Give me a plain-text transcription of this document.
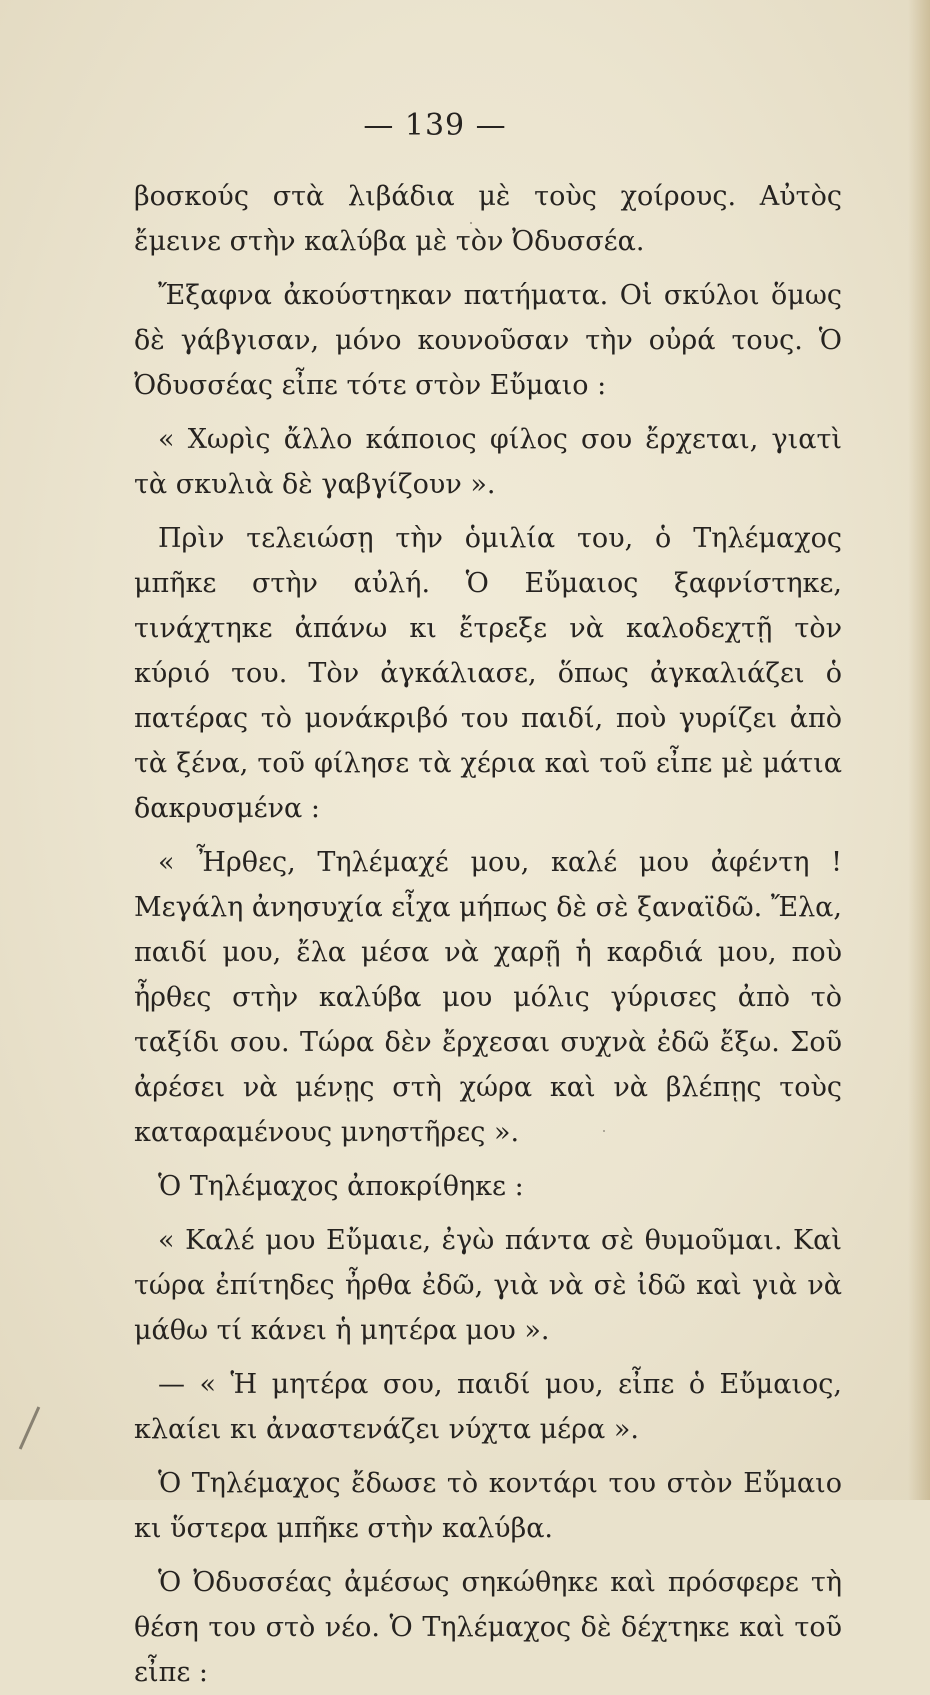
— 139 —

βοσκούς στὰ λιβάδια μὲ τοὺς χοίρους. Αὐτὸς ἔμεινε στὴν καλύβα μὲ τὸν Ὀδυσσέα.

Ἔξαφνα ἀκούστηκαν πατήματα. Οἱ σκύλοι ὅμως δὲ γάβγισαν, μόνο κουνοῦσαν τὴν οὐρά τους. Ὁ Ὀδυσσέας εἶπε τότε στὸν Εὔμαιο :

« Χωρὶς ἄλλο κάποιος φίλος σου ἔρχεται, γιατὶ τὰ σκυλιὰ δὲ γαβγίζουν ».

Πρὶν τελειώσῃ τὴν ὁμιλία του, ὁ Τηλέμαχος μπῆκε στὴν αὐλή. Ὁ Εὔμαιος ξαφνίστηκε, τινάχτηκε ἀπάνω κι ἔτρεξε νὰ καλοδεχτῇ τὸν κύριό του. Τὸν ἀγκάλιασε, ὅπως ἀγκαλιάζει ὁ πατέρας τὸ μονάκριβό του παιδί, ποὺ γυρίζει ἀπὸ τὰ ξένα, τοῦ φίλησε τὰ χέρια καὶ τοῦ εἶπε μὲ μάτια δακρυσμένα :

« Ἦρθες, Τηλέμαχέ μου, καλέ μου ἀφέντη ! Μεγάλη ἀνησυχία εἶχα μήπως δὲ σὲ ξαναϊδῶ. Ἔλα, παιδί μου, ἔλα μέσα νὰ χαρῇ ἡ καρδιά μου, ποὺ ἦρθες στὴν καλύβα μου μόλις γύρισες ἀπὸ τὸ ταξίδι σου. Τώρα δὲν ἔρχεσαι συχνὰ ἐδῶ ἔξω. Σοῦ ἀρέσει νὰ μένῃς στὴ χώρα καὶ νὰ βλέπῃς τοὺς καταραμένους μνηστῆρες ».

Ὁ Τηλέμαχος ἀποκρίθηκε :

« Καλέ μου Εὔμαιε, ἐγὼ πάντα σὲ θυμοῦμαι. Καὶ τώρα ἐπίτηδες ἦρθα ἐδῶ, γιὰ νὰ σὲ ἰδῶ καὶ γιὰ νὰ μάθω τί κάνει ἡ μητέρα μου ».

— « Ἡ μητέρα σου, παιδί μου, εἶπε ὁ Εὔμαιος, κλαίει κι ἀναστενάζει νύχτα μέρα ».

Ὁ Τηλέμαχος ἔδωσε τὸ κοντάρι του στὸν Εὔμαιο κι ὕστερα μπῆκε στὴν καλύβα.

Ὁ Ὀδυσσέας ἀμέσως σηκώθηκε καὶ πρόσφερε τὴ θέση του στὸ νέο. Ὁ Τηλέμαχος δὲ δέχτηκε καὶ τοῦ εἶπε :
